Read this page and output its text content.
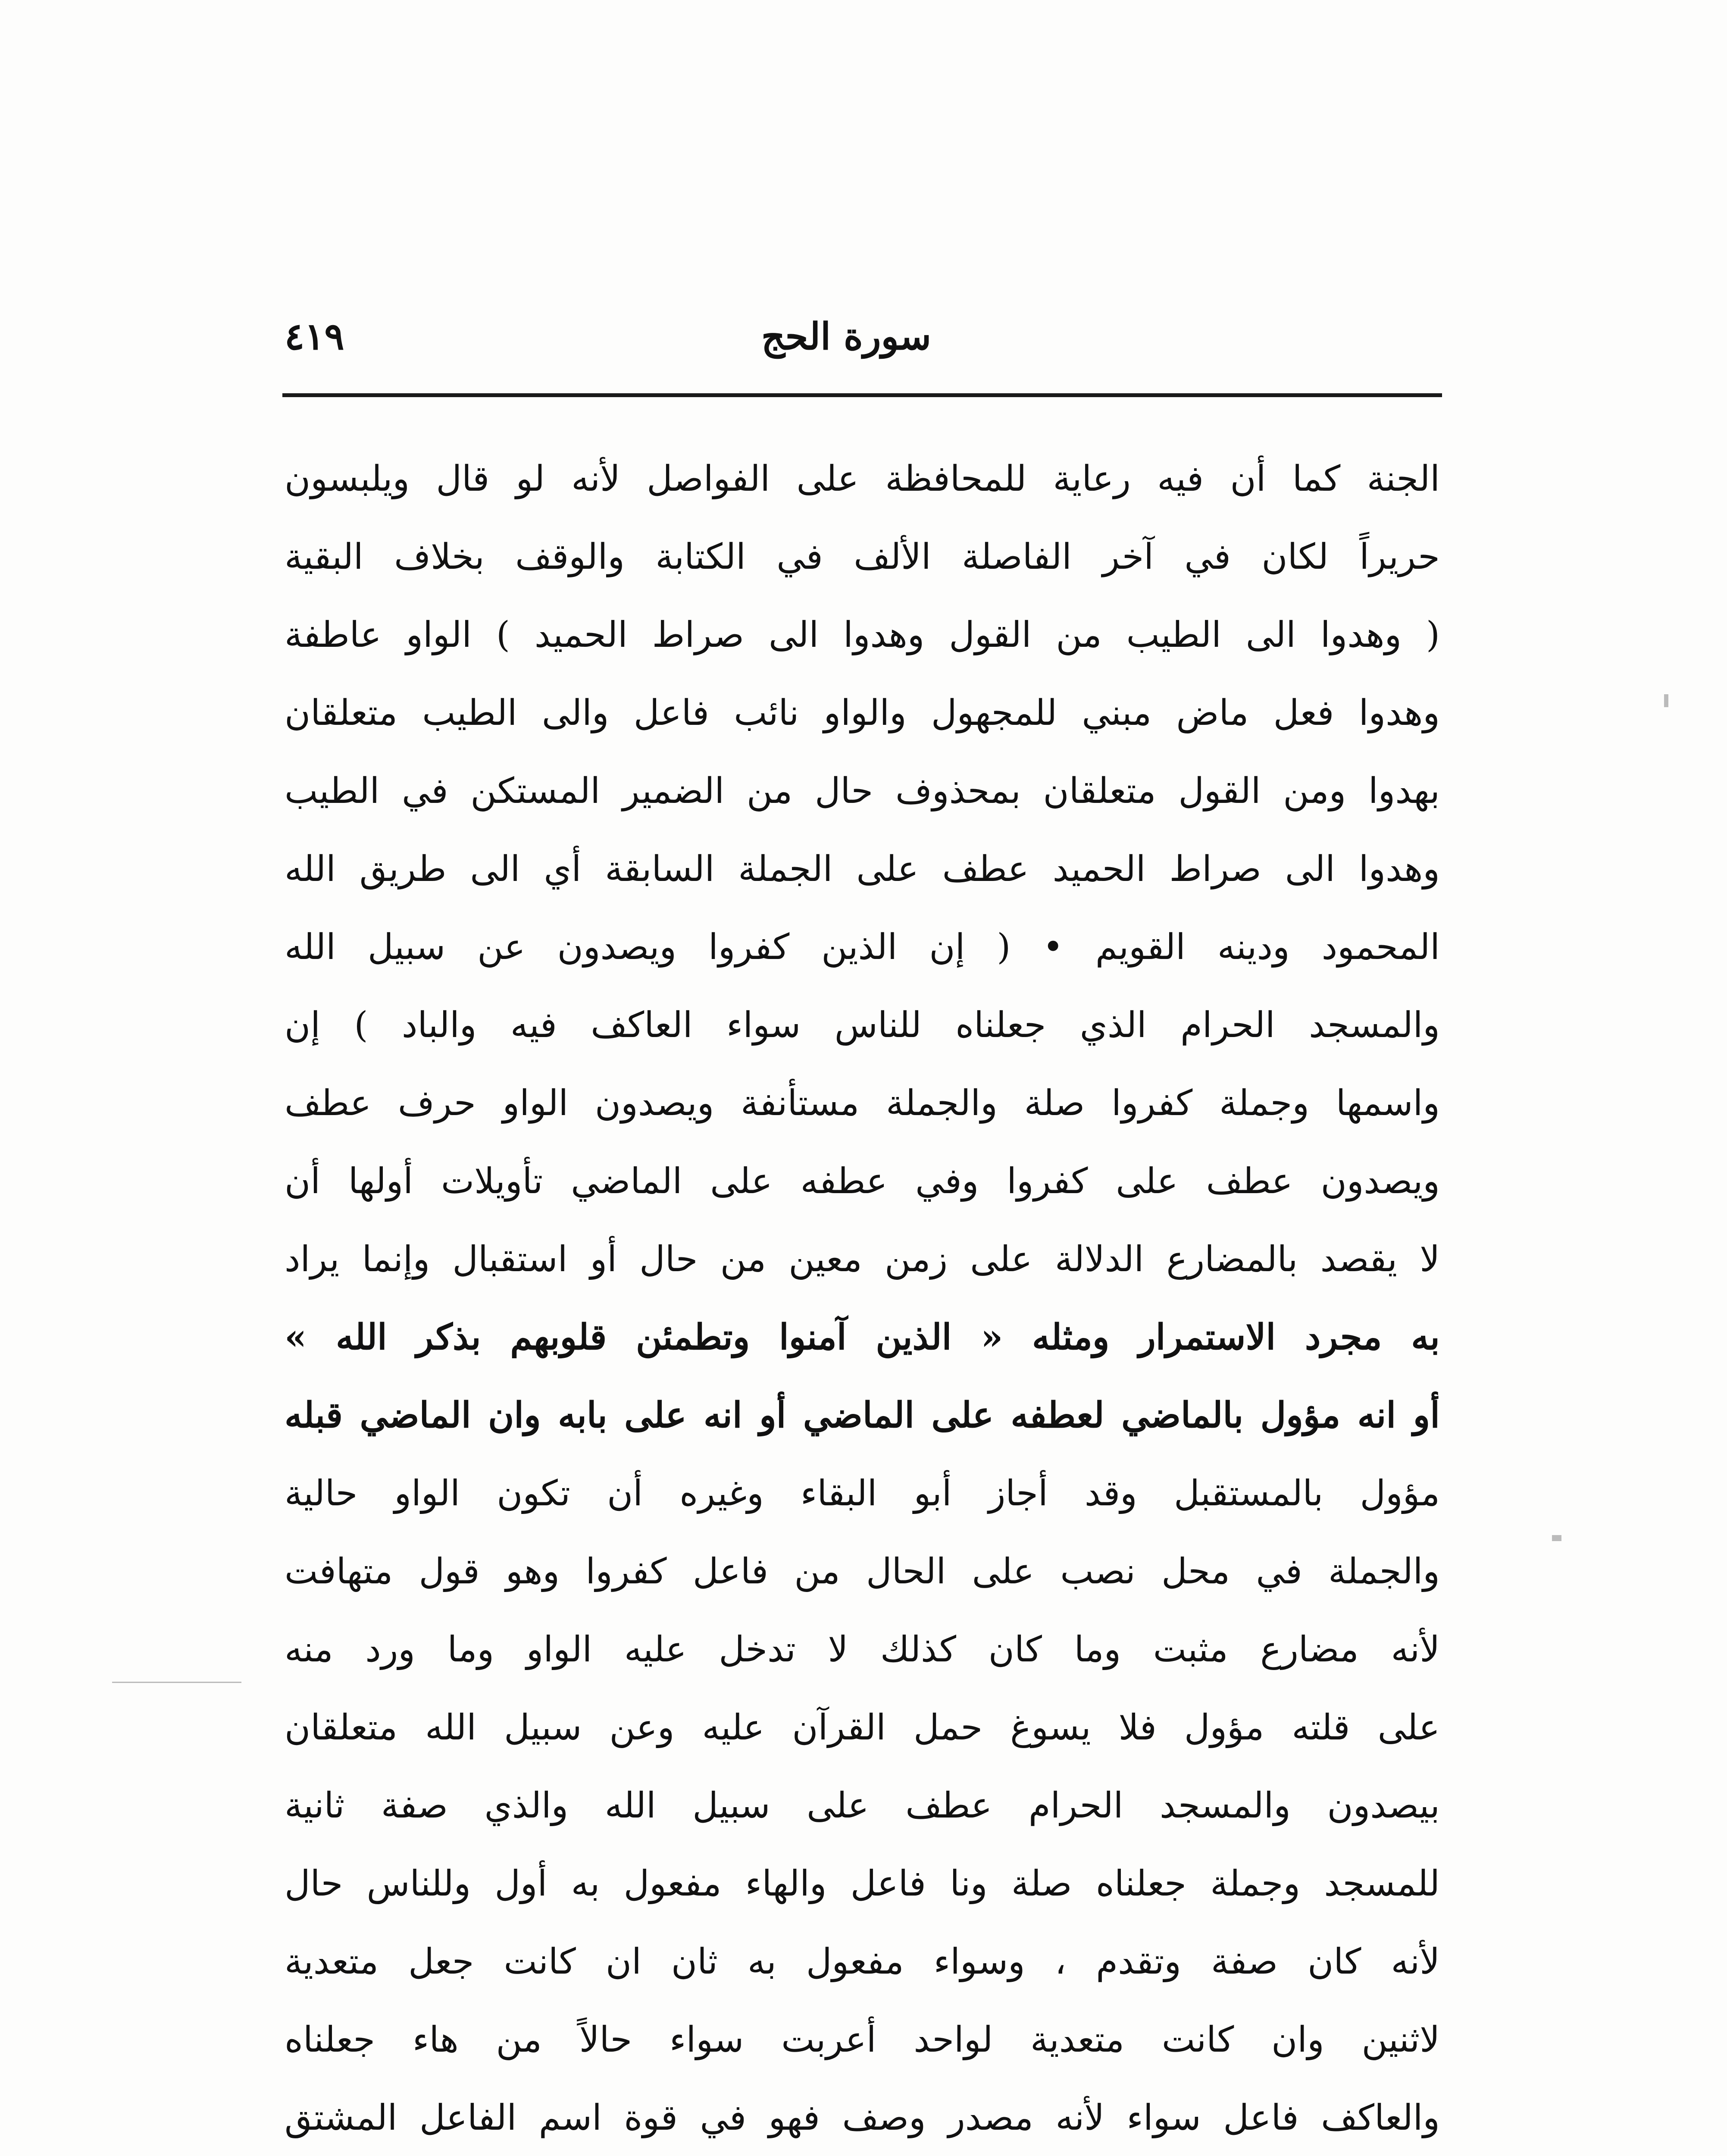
سورة الحج
٤١٩
الجنة كما أن فيه رعاية للمحافظة على الفواصل لأنه لو قال ويلبسون
حريراً لكان في آخر الفاصلة الألف في الكتابة والوقف بخلاف البقية
( وهدوا الى الطيب من القول وهدوا الى صراط الحميد ) الواو عاطفة
وهدوا فعل ماض مبني للمجهول والواو نائب فاعل والى الطيب متعلقان
بهدوا ومن القول متعلقان بمحذوف حال من الضمير المستكن في الطيب
وهدوا الى صراط الحميد عطف على الجملة السابقة أي الى طريق الله
المحمود ودينه القويم • ( إن الذين كفروا ويصدون عن سبيل الله
والمسجد الحرام الذي جعلناه للناس سواء العاكف فيه والباد ) إن
واسمها وجملة كفروا صلة والجملة مستأنفة ويصدون الواو حرف عطف
ويصدون عطف على كفروا وفي عطفه على الماضي تأويلات أولها أن
لا يقصد بالمضارع الدلالة على زمن معين من حال أو استقبال وإنما يراد
به مجرد الاستمرار ومثله « الذين آمنوا وتطمئن قلوبهم بذكر الله »
أو انه مؤول بالماضي لعطفه على الماضي أو انه على بابه وان الماضي قبله
مؤول بالمستقبل وقد أجاز أبو البقاء وغيره أن تكون الواو حالية
والجملة في محل نصب على الحال من فاعل كفروا وهو قول متهافت
لأنه مضارع مثبت وما كان كذلك لا تدخل عليه الواو وما ورد منه
على قلته مؤول فلا يسوغ حمل القرآن عليه وعن سبيل الله متعلقان
بيصدون والمسجد الحرام عطف على سبيل الله والذي صفة ثانية
للمسجد وجملة جعلناه صلة ونا فاعل والهاء مفعول به أول وللناس حال
لأنه كان صفة وتقدم ، وسواء مفعول به ثان ان كانت جعل متعدية
لاثنين وان كانت متعدية لواحد أعربت سواء حالاً من هاء جعلناه
والعاكف فاعل سواء لأنه مصدر وصف فهو في قوة اسم الفاعل المشتق
